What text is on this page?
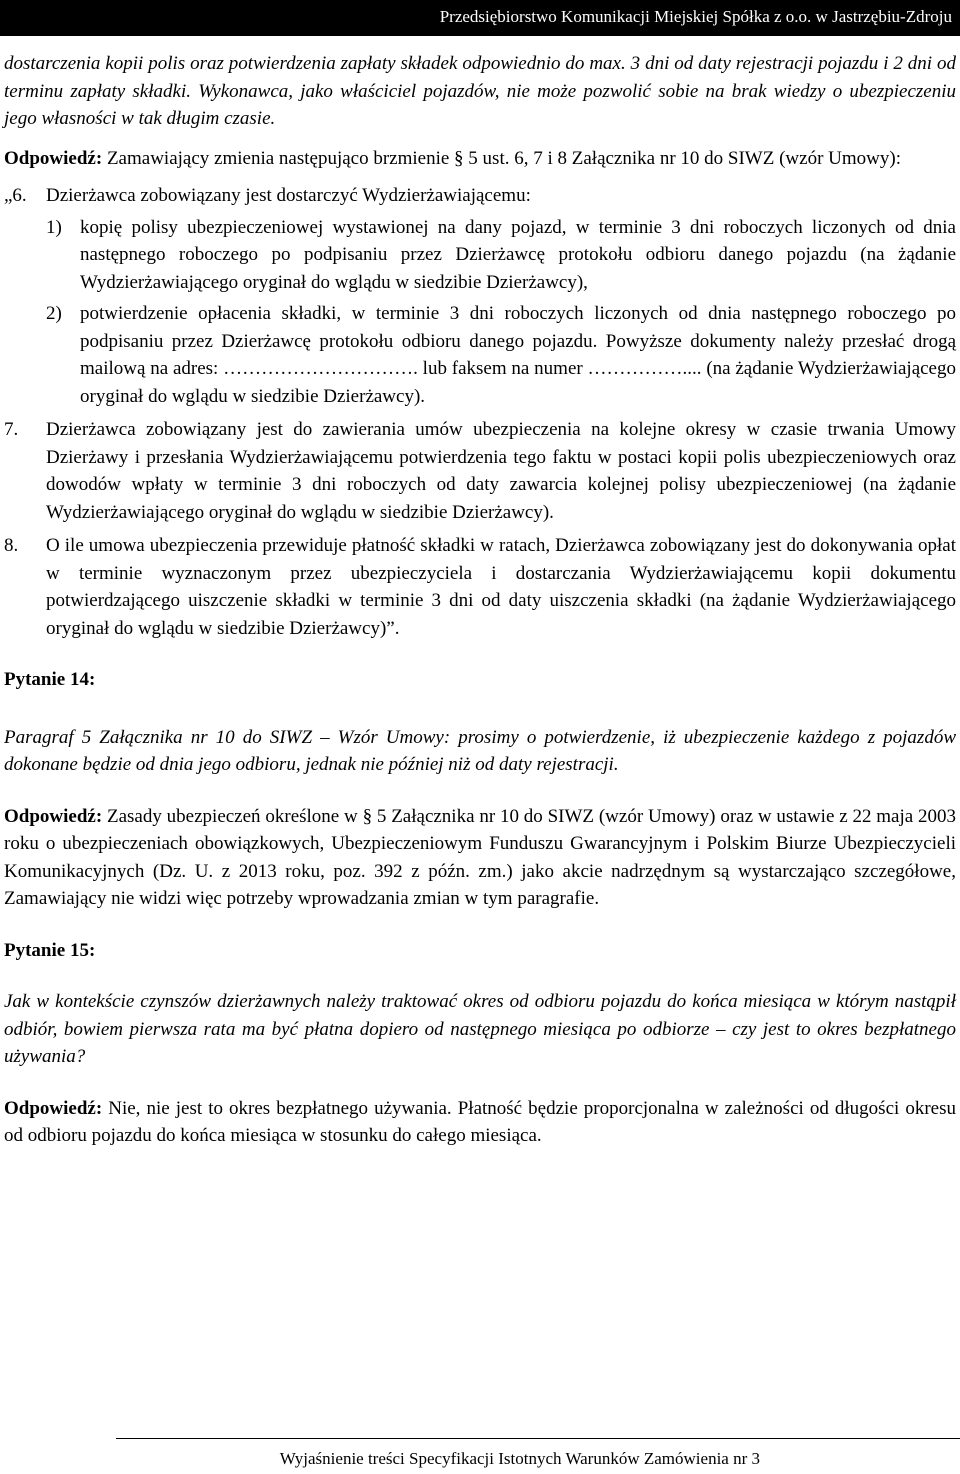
Przedsiębiorstwo Komunikacji Miejskiej Spółka z o.o. w Jastrzębiu-Zdroju

dostarczenia kopii polis oraz potwierdzenia zapłaty składek odpowiednio do max. 3 dni od daty rejestracji pojazdu i 2 dni od terminu zapłaty składki. Wykonawca, jako właściciel pojazdów, nie może pozwolić sobie na brak wiedzy o ubezpieczeniu jego własności w tak długim czasie.

Odpowiedź: Zamawiający zmienia następująco brzmienie § 5 ust. 6, 7 i 8 Załącznika nr 10 do SIWZ (wzór Umowy):

„6.	Dzierżawca zobowiązany jest dostarczyć Wydzierżawiającemu:
1) kopię polisy ubezpieczeniowej wystawionej na dany pojazd, w terminie 3 dni roboczych liczonych od dnia następnego roboczego po podpisaniu przez Dzierżawcę protokołu odbioru danego pojazdu (na żądanie Wydzierżawiającego oryginał do wglądu w siedzibie Dzierżawcy),
2) potwierdzenie opłacenia składki, w terminie 3 dni roboczych liczonych od dnia następnego roboczego po podpisaniu przez Dzierżawcę protokołu odbioru danego pojazdu. Powyższe dokumenty należy przesłać drogą mailową na adres: …………………………. lub faksem na numer …………….... (na żądanie Wydzierżawiającego oryginał do wglądu w siedzibie Dzierżawcy).
7.	Dzierżawca zobowiązany jest do zawierania umów ubezpieczenia na kolejne okresy w czasie trwania Umowy Dzierżawy i przesłania Wydzierżawiającemu potwierdzenia tego faktu w postaci kopii polis ubezpieczeniowych oraz dowodów wpłaty w terminie 3 dni roboczych od daty zawarcia kolejnej polisy ubezpieczeniowej (na żądanie Wydzierżawiającego oryginał do wglądu w siedzibie Dzierżawcy).
8.	O ile umowa ubezpieczenia przewiduje płatność składki w ratach, Dzierżawca zobowiązany jest do dokonywania opłat w terminie wyznaczonym przez ubezpieczyciela i dostarczania Wydzierżawiającemu kopii dokumentu potwierdzającego uiszczenie składki w terminie 3 dni od daty uiszczenia składki (na żądanie Wydzierżawiającego oryginał do wglądu w siedzibie Dzierżawcy)”.

Pytanie 14:

Paragraf 5 Załącznika nr 10 do SIWZ – Wzór Umowy: prosimy o potwierdzenie, iż ubezpieczenie każdego z pojazdów dokonane będzie od dnia jego odbioru, jednak nie później niż od daty rejestracji.

Odpowiedź: Zasady ubezpieczeń określone w § 5 Załącznika nr 10 do SIWZ (wzór Umowy) oraz w ustawie z 22 maja 2003 roku o ubezpieczeniach obowiązkowych, Ubezpieczeniowym Funduszu Gwarancyjnym i Polskim Biurze Ubezpieczycieli Komunikacyjnych (Dz. U. z 2013 roku, poz. 392 z późn. zm.) jako akcie nadrzędnym są wystarczająco szczegółowe, Zamawiający nie widzi więc potrzeby wprowadzania zmian w tym paragrafie.

Pytanie 15:

Jak w kontekście czynszów dzierżawnych należy traktować okres od odbioru pojazdu do końca miesiąca w którym nastąpił odbiór, bowiem pierwsza rata ma być płatna dopiero od następnego miesiąca po odbiorze – czy jest to okres bezpłatnego używania?

Odpowiedź: Nie, nie jest to okres bezpłatnego używania. Płatność będzie proporcjonalna w zależności od długości okresu od odbioru pojazdu do końca miesiąca w stosunku do całego miesiąca.

Wyjaśnienie treści Specyfikacji Istotnych Warunków Zamówienia nr 3
